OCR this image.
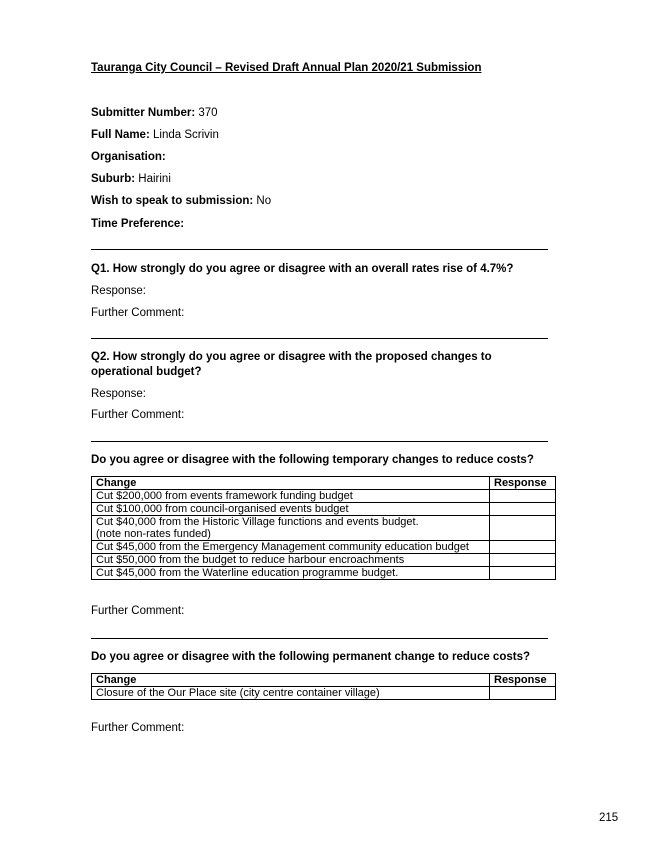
Tauranga City Council – Revised Draft Annual Plan 2020/21 Submission
Submitter Number: 370
Full Name: Linda Scrivin
Organisation:
Suburb: Hairini
Wish to speak to submission: No
Time Preference:
Q1. How strongly do you agree or disagree with an overall rates rise of 4.7%?
Response:
Further Comment:
Q2. How strongly do you agree or disagree with the proposed changes to operational budget?
Response:
Further Comment:
Do you agree or disagree with the following temporary changes to reduce costs?
Change	Response
Cut $200,000 from events framework funding budget	
Cut $100,000 from council-organised events budget	

Cut $40,000 from the Historic Village functions and events budget.
(note non-rates funded)	

Cut $45,000 from the Emergency Management community education budget	
Cut $50,000 from the budget to reduce harbour encroachments	
Cut $45,000 from the Waterline education programme budget.	
Further Comment:
Do you agree or disagree with the following permanent change to reduce costs?
Change	Response
Closure of the Our Place site (city centre container village)	
Further Comment:
215
